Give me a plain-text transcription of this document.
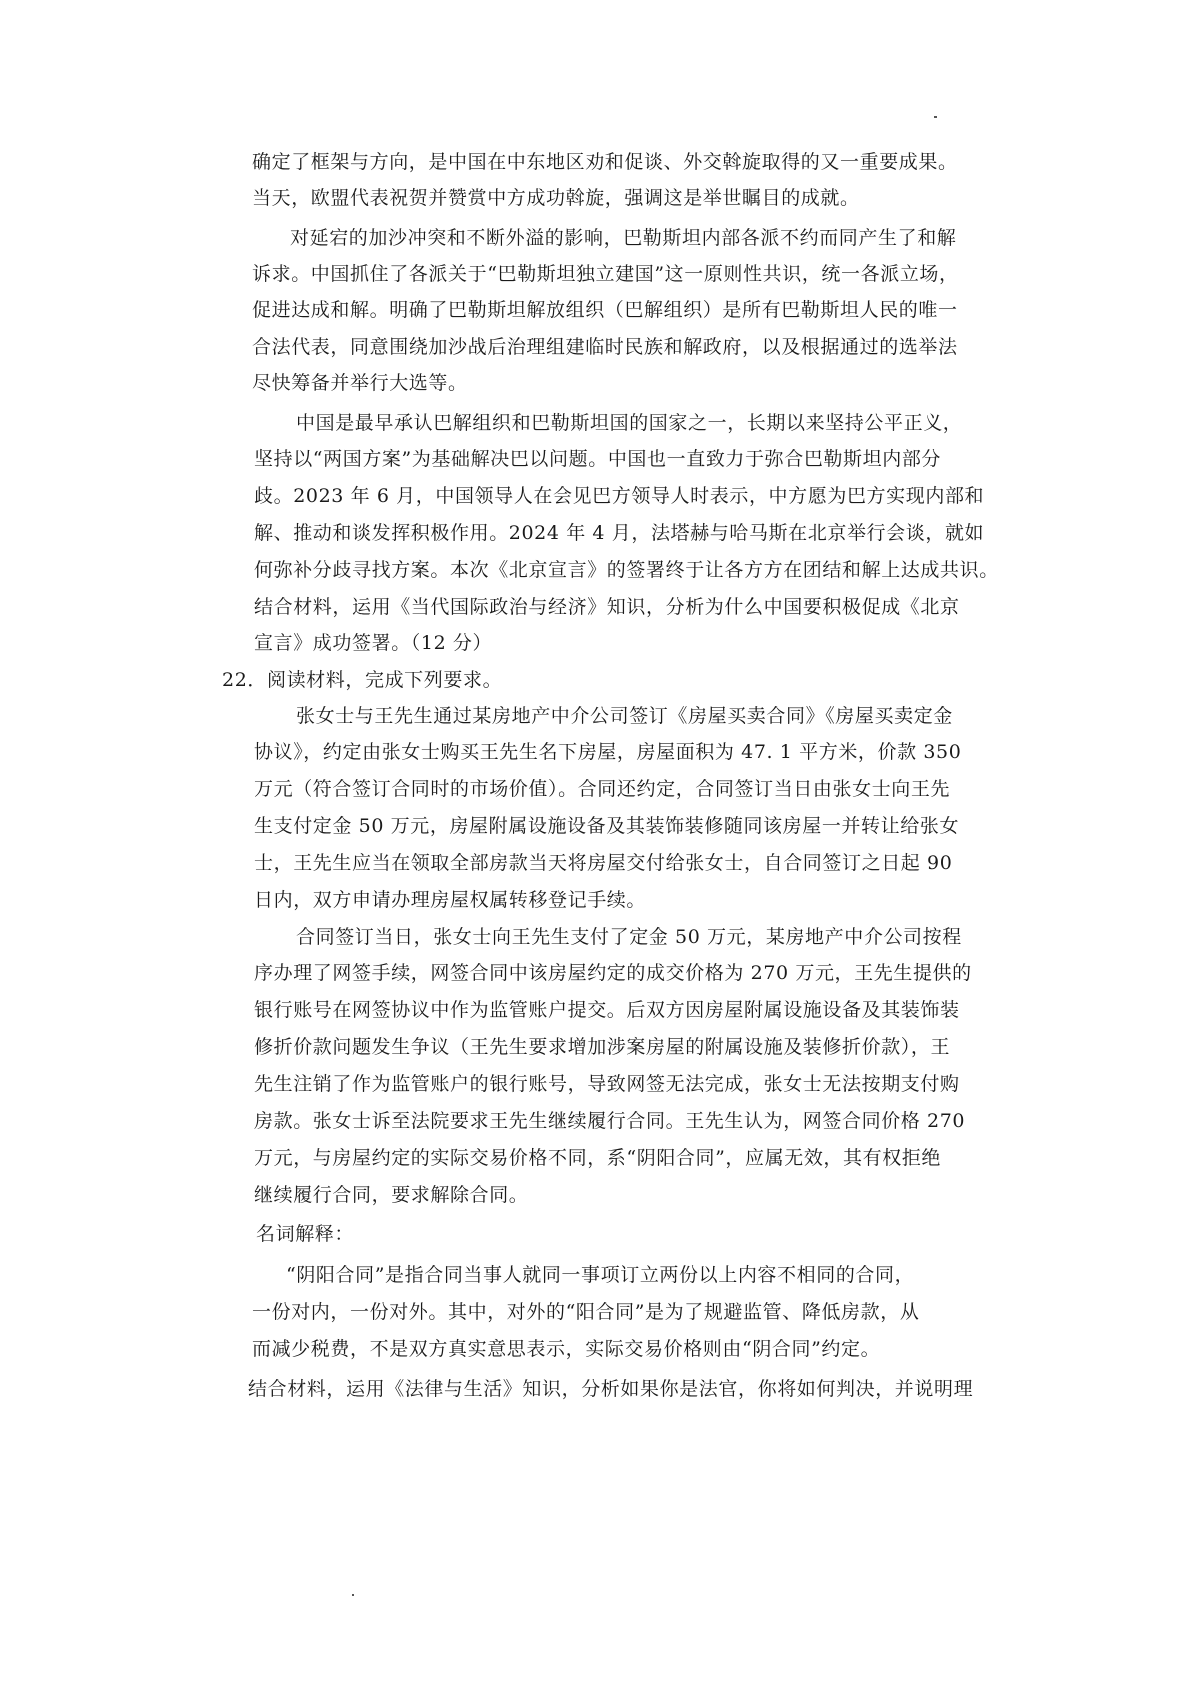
确定了框架与方向，是中国在中东地区劝和促谈、外交斡旋取得的又一重要成果。
当天，欧盟代表祝贺并赞赏中方成功斡旋，强调这是举世瞩目的成就。
对延宕的加沙冲突和不断外溢的影响，巴勒斯坦内部各派不约而同产生了和解
诉求。中国抓住了各派关于“巴勒斯坦独立建国”这一原则性共识，统一各派立场，
促进达成和解。明确了巴勒斯坦解放组织（巴解组织）是所有巴勒斯坦人民的唯一
合法代表，同意围绕加沙战后治理组建临时民族和解政府，以及根据通过的选举法
尽快筹备并举行大选等。
中国是最早承认巴解组织和巴勒斯坦国的国家之一，长期以来坚持公平正义，
坚持以“两国方案”为基础解决巴以问题。中国也一直致力于弥合巴勒斯坦内部分
歧。2023 年 6 月，中国领导人在会见巴方领导人时表示，中方愿为巴方实现内部和
解、推动和谈发挥积极作用。2024 年 4 月，法塔赫与哈马斯在北京举行会谈，就如
何弥补分歧寻找方案。本次《北京宣言》的签署终于让各方方在团结和解上达成共识。
结合材料，运用《当代国际政治与经济》知识，分析为什么中国要积极促成《北京
宣言》成功签署。（12 分）
22．阅读材料，完成下列要求。
张女士与王先生通过某房地产中介公司签订《房屋买卖合同》《房屋买卖定金
协议》，约定由张女士购买王先生名下房屋，房屋面积为 47. 1 平方米，价款 350
万元（符合签订合同时的市场价值）。合同还约定，合同签订当日由张女士向王先
生支付定金 50 万元，房屋附属设施设备及其装饰装修随同该房屋一并转让给张女
士，王先生应当在领取全部房款当天将房屋交付给张女士，自合同签订之日起 90
日内，双方申请办理房屋权属转移登记手续。
合同签订当日，张女士向王先生支付了定金 50 万元，某房地产中介公司按程
序办理了网签手续，网签合同中该房屋约定的成交价格为 270 万元，王先生提供的
银行账号在网签协议中作为监管账户提交。后双方因房屋附属设施设备及其装饰装
修折价款问题发生争议（王先生要求增加涉案房屋的附属设施及装修折价款），王
先生注销了作为监管账户的银行账号，导致网签无法完成，张女士无法按期支付购
房款。张女士诉至法院要求王先生继续履行合同。王先生认为，网签合同价格 270
万元，与房屋约定的实际交易价格不同，系“阴阳合同”，应属无效，其有权拒绝
继续履行合同，要求解除合同。
名词解释：
“阴阳合同”是指合同当事人就同一事项订立两份以上内容不相同的合同，
一份对内，一份对外。其中，对外的“阳合同”是为了规避监管、降低房款，从
而减少税费，不是双方真实意思表示，实际交易价格则由“阴合同”约定。
结合材料，运用《法律与生活》知识，分析如果你是法官，你将如何判决，并说明理
